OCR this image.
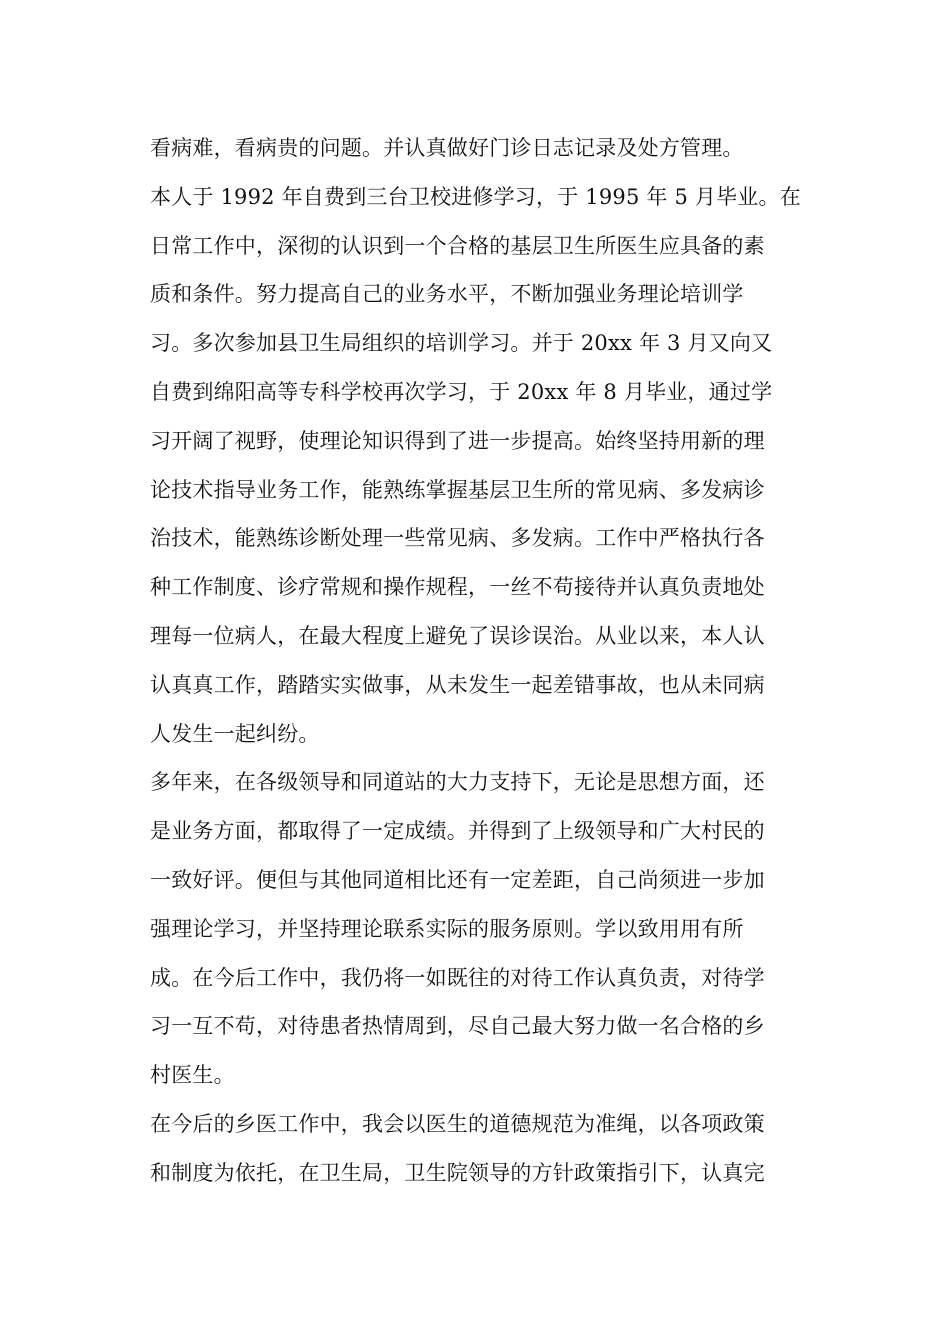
看病难，看病贵的问题。并认真做好门诊日志记录及处方管理。
本人于 1992 年自费到三台卫校进修学习，于 1995 年 5 月毕业。在
日常工作中，深彻的认识到一个合格的基层卫生所医生应具备的素
质和条件。努力提高自己的业务水平，不断加强业务理论培训学
习。多次参加县卫生局组织的培训学习。并于 20xx 年 3 月又向又
自费到绵阳高等专科学校再次学习，于 20xx 年 8 月毕业，通过学
习开阔了视野，使理论知识得到了进一步提高。始终坚持用新的理
论技术指导业务工作，能熟练掌握基层卫生所的常见病、多发病诊
治技术，能熟练诊断处理一些常见病、多发病。工作中严格执行各
种工作制度、诊疗常规和操作规程，一丝不苟接待并认真负责地处
理每一位病人，在最大程度上避免了误诊误治。从业以来，本人认
认真真工作，踏踏实实做事，从未发生一起差错事故，也从未同病
人发生一起纠纷。
多年来，在各级领导和同道站的大力支持下，无论是思想方面，还
是业务方面，都取得了一定成绩。并得到了上级领导和广大村民的
一致好评。便但与其他同道相比还有一定差距，自己尚须进一步加
强理论学习，并坚持理论联系实际的服务原则。学以致用用有所
成。在今后工作中，我仍将一如既往的对待工作认真负责，对待学
习一互不苟，对待患者热情周到，尽自己最大努力做一名合格的乡
村医生。
在今后的乡医工作中，我会以医生的道德规范为准绳，以各项政策
和制度为依托，在卫生局，卫生院领导的方针政策指引下，认真完
